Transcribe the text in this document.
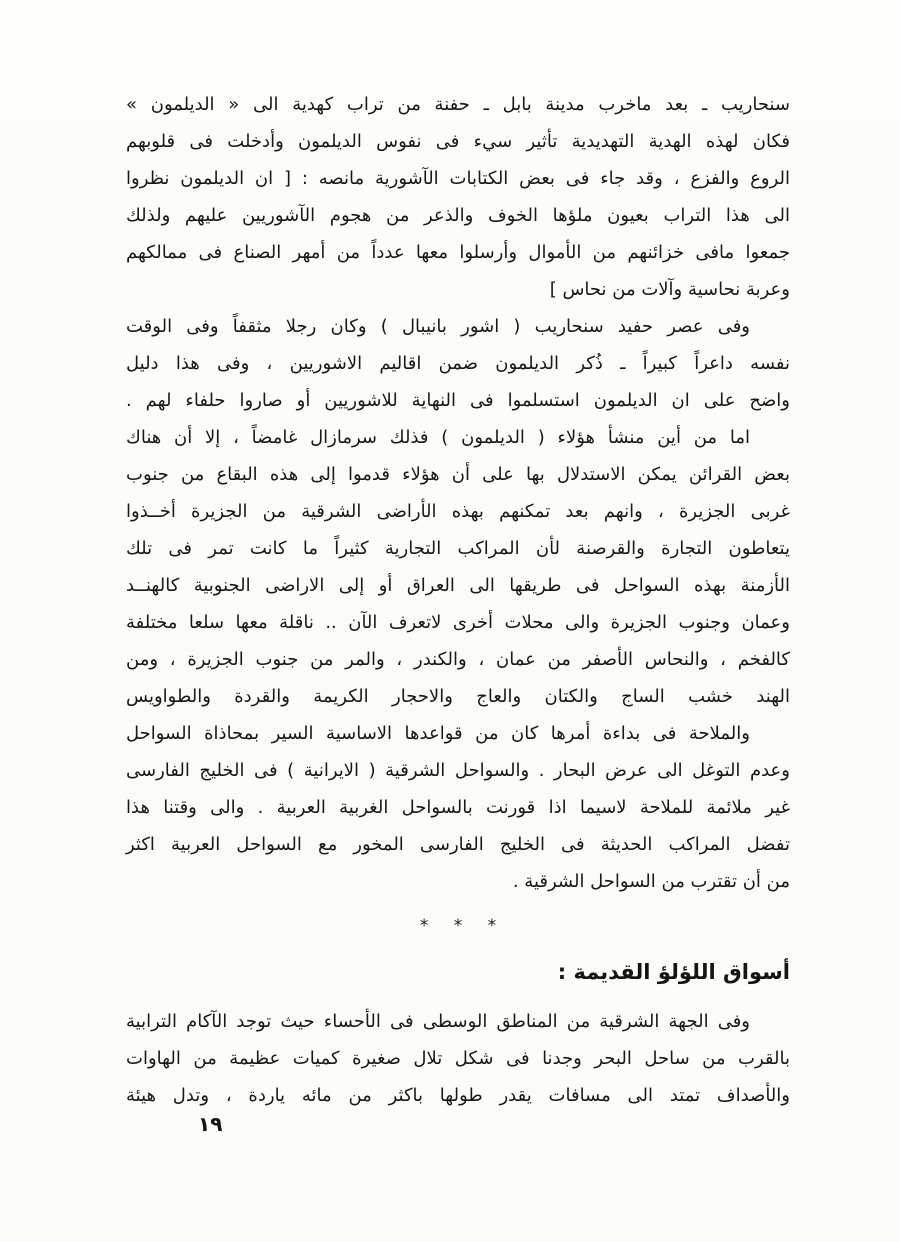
سنحاريب ـ بعد ماخرب مدينة بابل ـ حفنة من تراب كهدية الى « الديلمون »
فكان لهذه الهدية التهديدية تأثير سيء فى نفوس الديلمون وأدخلت فى قلوبهم
الروع والفزع ، وقد جاء فى بعض الكتابات الآشورية مانصه : [ ان الديلمون نظروا
الى هذا التراب بعيون ملؤها الخوف والذعر من هجوم الآشوريين عليهم ولذلك
جمعوا مافى خزائنهم من الأموال وأرسلوا معها عدداً من أمهر الصناع فى ممالكهم
وعربة نحاسية وآلات من نحاس ]
وفى عصر حفيد سنحاريب ( اشور بانيبال ) وكان رجلا مثقفاً وفى الوقت
نفسه داعراً كبيراً ـ ذُكر الديلمون ضمن اقاليم الاشوريين ، وفى هذا دليل
واضح على ان الديلمون استسلموا فى النهاية للاشوريين أو صاروا حلفاء لهم .
اما من أين منشأ هؤلاء ( الديلمون ) فذلك سرمازال غامضاً ، إلا أن هناك
بعض القرائن يمكن الاستدلال بها على أن هؤلاء قدموا إلى هذه البقاع من جنوب
غربى الجزيرة ، وانهم بعد تمكنهم بهذه الأراضى الشرقية من الجزيرة أخــذوا
يتعاطون التجارة والقرصنة لأن المراكب التجارية كثيراً ما كانت تمر فى تلك
الأزمنة بهذه السواحل فى طريقها الى العراق أو إلى الاراضى الجنوبية كالهنــد
وعمان وجنوب الجزيرة والى محلات أخرى لاتعرف الآن .. ناقلة معها سلعا مختلفة
كالفخم ، والنحاس الأصفر من عمان ، والكندر ، والمر من جنوب الجزيرة ، ومن
الهند خشب الساج والكتان والعاج والاحجار الكريمة والقردة والطواويس
والملاحة فى بداءة أمرها كان من قواعدها الاساسية السير بمحاذاة السواحل
وعدم التوغل الى عرض البحار . والسواحل الشرقية ( الايرانية ) فى الخليج الفارسى
غير ملائمة للملاحة لاسيما اذا قورنت بالسواحل الغربية العربية . والى وقتنا هذا
تفضل المراكب الحديثة فى الخليج الفارسى المخور مع السواحل العربية اكثر
من أن تقترب من السواحل الشرقية .
* * *
أسواق اللؤلؤ القديمة :
وفى الجهة الشرقية من المناطق الوسطى فى الأحساء حيث توجد الآكام الترابية
بالقرب من ساحل البحر وجدنا فى شكل تلال صغيرة كميات عظيمة من الهاوات
والأصداف تمتد الى مسافات يقدر طولها باكثر من مائه ياردة ، وتدل هيئة
١٩
